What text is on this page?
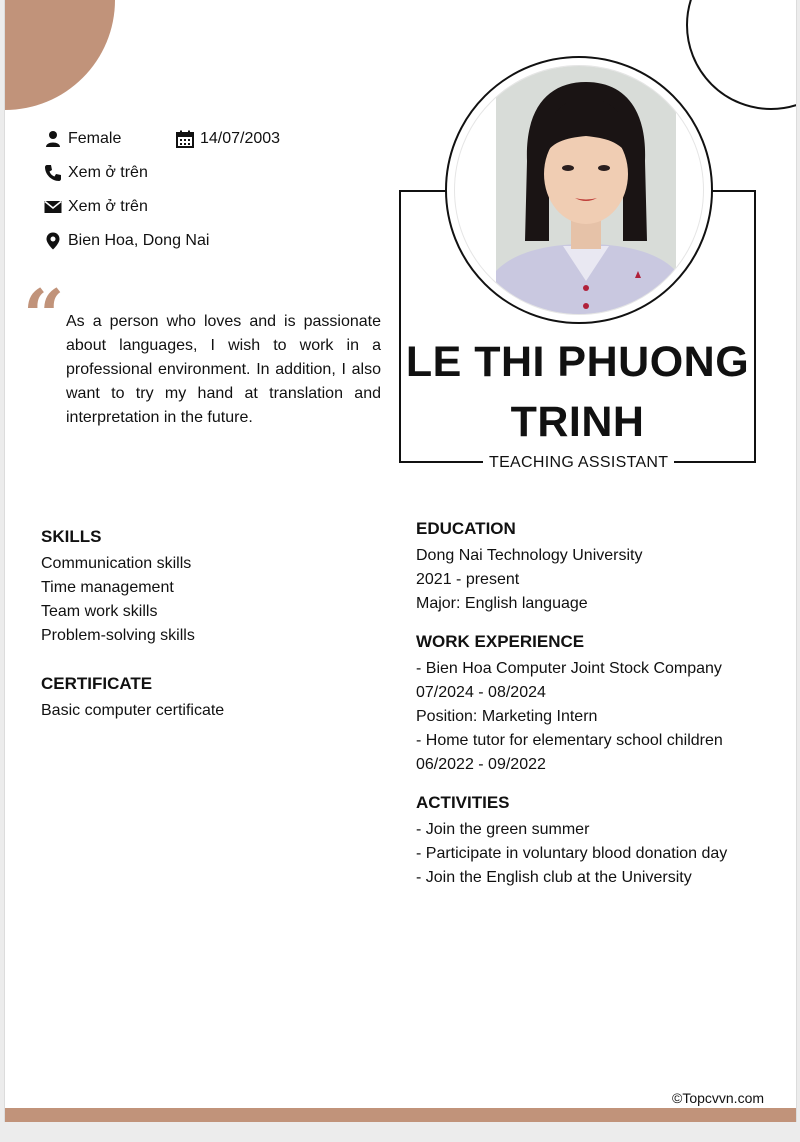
Female	14/07/2003
Xem ở trên
Xem ở trên
Bien Hoa, Dong Nai
“ As a person who loves and is passionate about languages, I wish to work in a professional environment. In addition, I also want to try my hand at translation and interpretation in the future.
LE THI PHUONG TRINH
TEACHING ASSISTANT
SKILLS
Communication skills
Time management
Team work skills
Problem-solving skills
CERTIFICATE
Basic computer certificate
EDUCATION
Dong Nai Technology University
2021 - present
Major: English language
WORK EXPERIENCE
- Bien Hoa Computer Joint Stock Company
07/2024 - 08/2024
Position: Marketing Intern
- Home tutor for elementary school children
06/2022 - 09/2022
ACTIVITIES
- Join the green summer
- Participate in voluntary blood donation day
- Join the English club at the University
©Topcvvn.com
